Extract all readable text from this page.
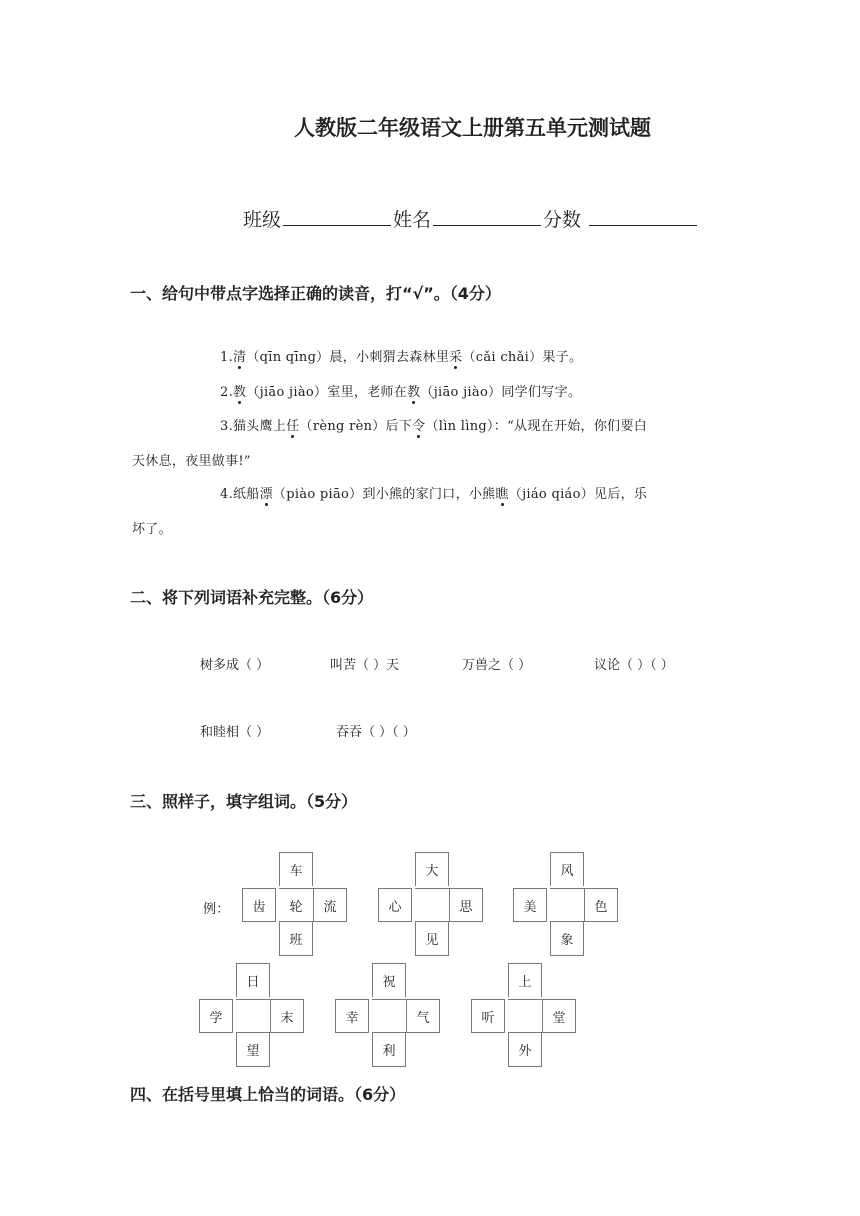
人教版二年级语文上册第五单元测试题
班级	姓名	分数
一、给句中带点字选择正确的读音，打“√”。（4分）
1.清（qīn qīng）晨，小刺猬去森林里采（cǎi chǎi）果子。
2.教（jiāo jiào）室里，老师在教（jiāo jiào）同学们写字。
3.猫头鹰上任（rèng rèn）后下令（lìn lìng）：“从现在开始，你们要白
天休息，夜里做事!”
4.纸船漂（piào piāo）到小熊的家门口，小熊瞧（jiáo qiáo）见后，乐
坏了。
二、将下列词语补充完整。（6分）
树多成（ ）	叫苦（ ）天	万兽之（ ）	议论（ ）（ ）
和睦相（ ）	吞吞（ ）（ ）
三、照样子，填字组词。（5分）
例：
车
齿	轮	流
班
大
心	思
见
风
美	色
象
日
学	末
望
祝
幸	气
利
上
听	堂
外
四、在括号里填上恰当的词语。（6分）
